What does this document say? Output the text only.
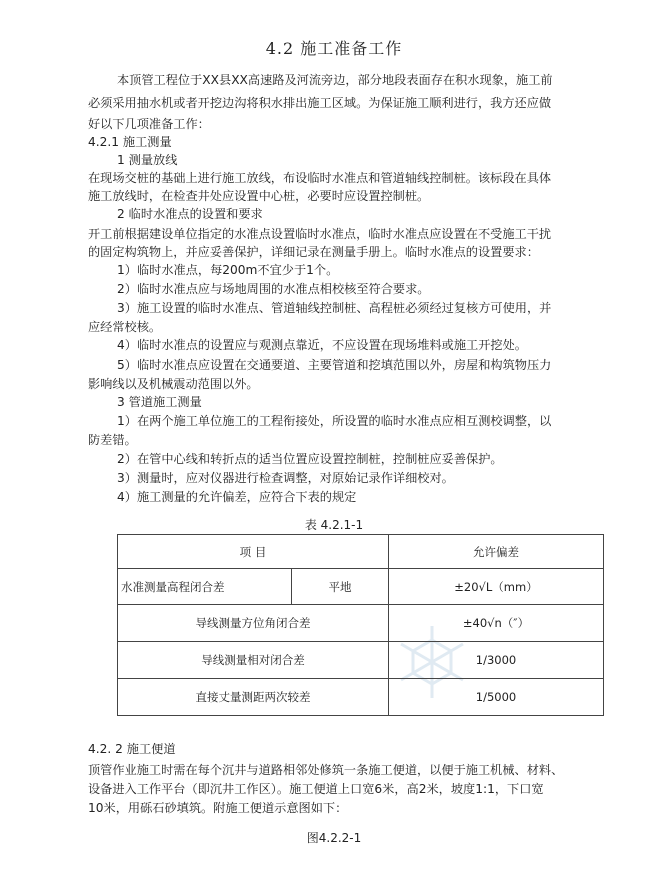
4.2 施工准备工作
本顶管工程位于XX县XX高速路及河流旁边，部分地段表面存在积水现象，施工前
必须采用抽水机或者开挖边沟将积水排出施工区域。为保证施工顺利进行，我方还应做
好以下几项准备工作：
4.2.1 施工测量
1 测量放线
在现场交桩的基础上进行施工放线，布设临时水准点和管道轴线控制桩。该标段在具体
施工放线时，在检查井处应设置中心桩，必要时应设置控制桩。
2 临时水准点的设置和要求
开工前根据建设单位指定的水准点设置临时水准点，临时水准点应设置在不受施工干扰
的固定构筑物上，并应妥善保护，详细记录在测量手册上。临时水准点的设置要求：
1）临时水准点，每200m不宜少于1个。
2）临时水准点应与场地周围的水准点相校核至符合要求。
3）施工设置的临时水准点、管道轴线控制桩、高程桩必须经过复核方可使用，并
应经常校核。
4）临时水准点的设置应与观测点靠近，不应设置在现场堆料或施工开挖处。
5）临时水准点应设置在交通要道、主要管道和挖填范围以外，房屋和构筑物压力
影响线以及机械震动范围以外。
3 管道施工测量
1）在两个施工单位施工的工程衔接处，所设置的临时水准点应相互测校调整，以
防差错。
2）在管中心线和转折点的适当位置应设置控制桩，控制桩应妥善保护。
3）测量时，应对仪器进行检查调整，对原始记录作详细校对。
4）施工测量的允许偏差，应符合下表的规定
表 4.2.1-1
项 目		允许偏差
水准测量高程闭合差	平地	±20√L（mm）
导线测量方位角闭合差		±40√n（″）
导线测量相对闭合差		1/3000
直接丈量测距两次较差		1/5000
4.2. 2 施工便道
顶管作业施工时需在每个沉井与道路相邻处修筑一条施工便道，以便于施工机械、材料、
设备进入工作平台（即沉井工作区）。施工便道上口宽6米，高2米，坡度1:1，下口宽
10米，用砾石砂填筑。附施工便道示意图如下：
图4.2.2-1
